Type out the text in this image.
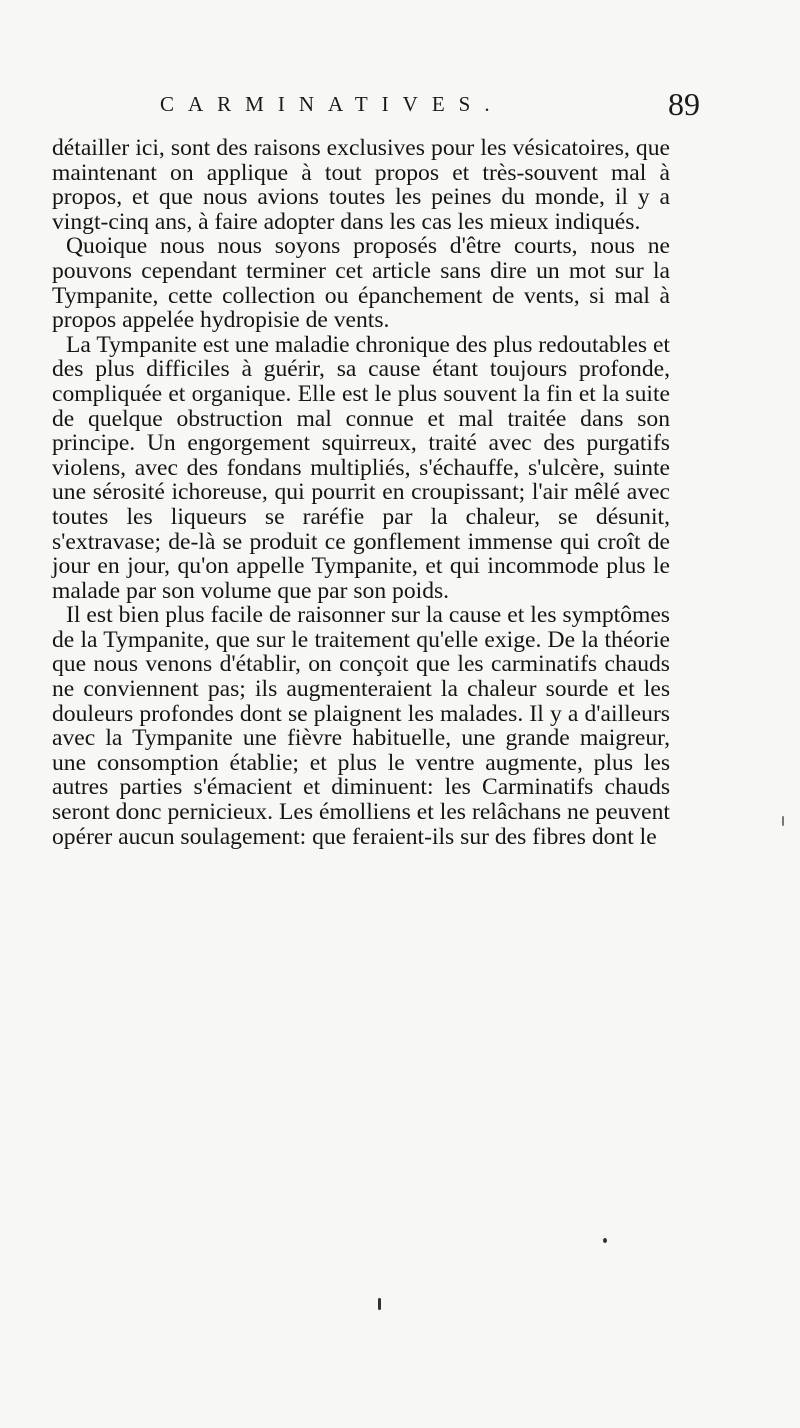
CARMINATIVES.	89

détailler ici, sont des raisons exclusives pour les vésicatoires, que maintenant on applique à tout propos et très-souvent mal à propos, et que nous avions toutes les peines du monde, il y a vingt-cinq ans, à faire adopter dans les cas les mieux indiqués.

Quoique nous nous soyons proposés d'être courts, nous ne pouvons cependant terminer cet article sans dire un mot sur la Tympanite, cette collection ou épanchement de vents, si mal à propos appelée hydropisie de vents.

La Tympanite est une maladie chronique des plus redoutables et des plus difficiles à guérir, sa cause étant toujours profonde, compliquée et organique. Elle est le plus souvent la fin et la suite de quelque obstruction mal connue et mal traitée dans son principe. Un engorgement squirreux, traité avec des purgatifs violens, avec des fondans multipliés, s'échauffe, s'ulcère, suinte une sérosité ichoreuse, qui pourrit en croupissant; l'air mêlé avec toutes les liqueurs se raréfie par la chaleur, se désunit, s'extravase; de-là se produit ce gonflement immense qui croît de jour en jour, qu'on appelle Tympanite, et qui incommode plus le malade par son volume que par son poids.

Il est bien plus facile de raisonner sur la cause et les symptômes de la Tympanite, que sur le traitement qu'elle exige. De la théorie que nous venons d'établir, on conçoit que les carminatifs chauds ne conviennent pas; ils augmenteraient la chaleur sourde et les douleurs profondes dont se plaignent les malades. Il y a d'ailleurs avec la Tympanite une fièvre habituelle, une grande maigreur, une consomption établie; et plus le ventre augmente, plus les autres parties s'émacient et diminuent: les Carminatifs chauds seront donc pernicieux. Les émolliens et les relâchans ne peuvent opérer aucun soulagement: que feraient-ils sur des fibres dont le
